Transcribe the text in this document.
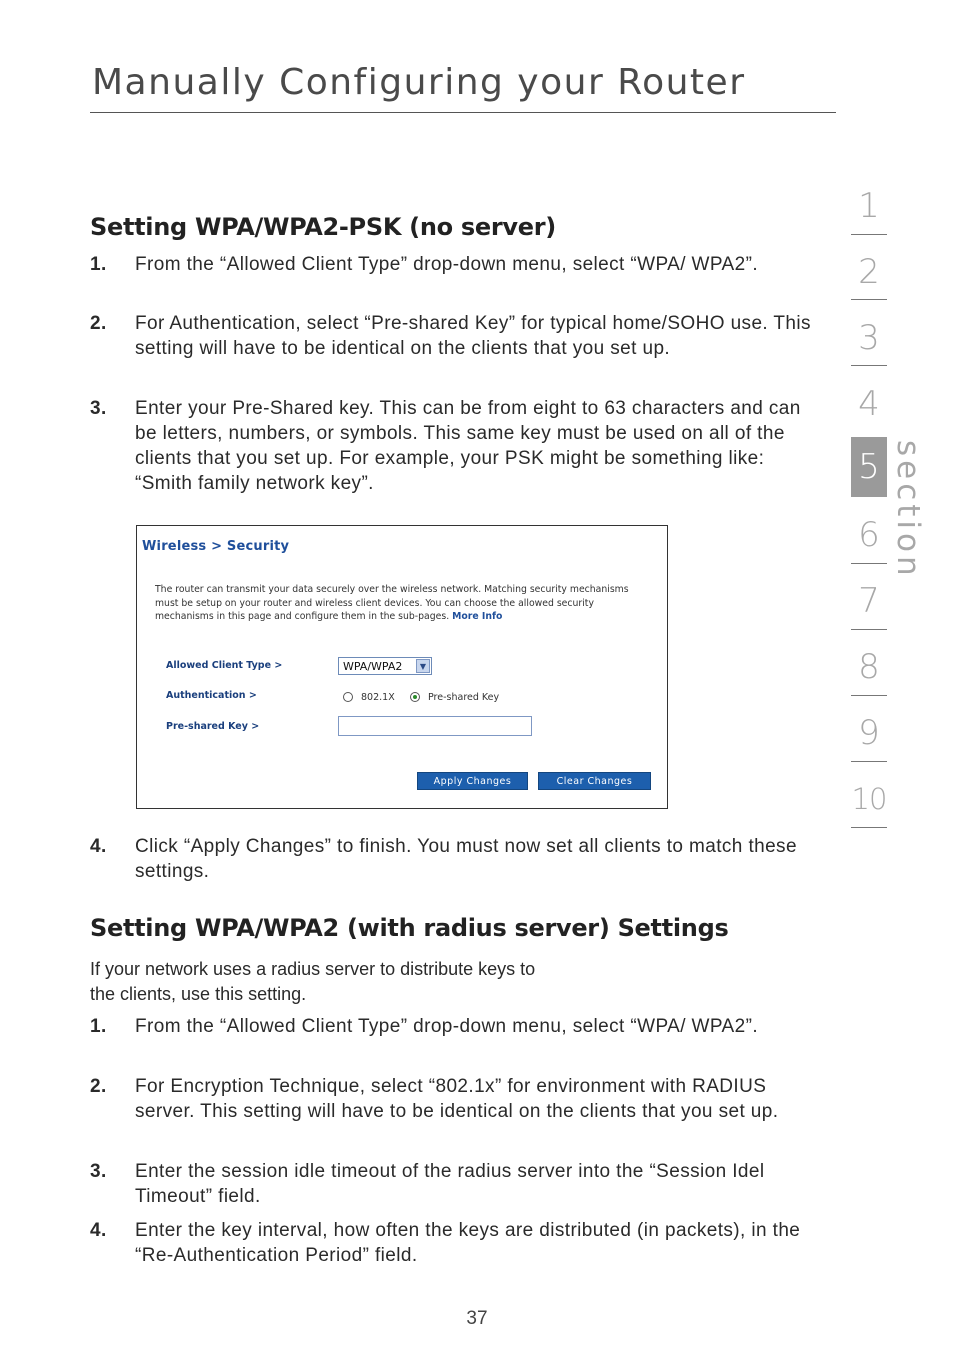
Manually Configuring your Router
Setting WPA/WPA2-PSK (no server)
1. From the “Allowed Client Type” drop-down menu, select “WPA/ WPA2”.
2. For Authentication, select “Pre-shared Key” for typical home/SOHO use. This setting will have to be identical on the clients that you set up.
3. Enter your Pre-Shared key. This can be from eight to 63 characters and can be letters, numbers, or symbols. This same key must be used on all of the clients that you set up. For example, your PSK might be something like: “Smith family network key”.
Wireless > Security
The router can transmit your data securely over the wireless network. Matching security mechanisms must be setup on your router and wireless client devices. You can choose the allowed security mechanisms in this page and configure them in the sub-pages. More Info
Allowed Client Type >	WPA/WPA2	▼
Authentication >	802.1X	Pre-shared Key
Pre-shared Key >
Apply Changes	Clear Changes
4. Click “Apply Changes” to finish. You must now set all clients to match these settings.
Setting WPA/WPA2 (with radius server) Settings
If your network uses a radius server to distribute keys to the clients, use this setting.
1. From the “Allowed Client Type” drop-down menu, select “WPA/ WPA2”.
2. For Encryption Technique, select “802.1x” for environment with RADIUS server. This setting will have to be identical on the clients that you set up.
3. Enter the session idle timeout of the radius server into the “Session Idel Timeout” field.
4. Enter the key interval, how often the keys are distributed (in packets), in the “Re-Authentication Period” field.
1
2
3
4
5
6
7
8
9
10
section
37
